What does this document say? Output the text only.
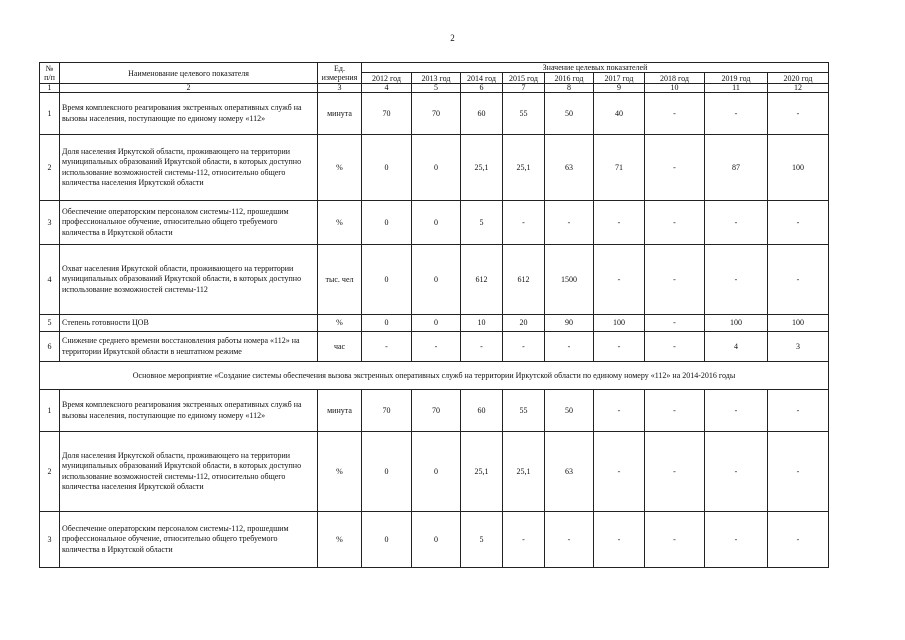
2
№ п/п	Наименование целевого показателя	Ед. измерения	Значение целевых показателей								
			2012 год	2013 год	2014 год	2015 год	2016 год	2017 год	2018 год	2019 год	2020 год
1	2	3	4	5	6	7	8	9	10	11	12
1	Время комплексного реагирования экстренных оперативных служб на вызовы населения, поступающие по единому номеру «112»	минута	70	70	60	55	50	40	-	-	-
2	Доля населения Иркутской области, проживающего на территории муниципальных образований Иркутской области, в которых доступно использование возможностей системы-112, относительно общего количества населения Иркутской области	%	0	0	25,1	25,1	63	71	-	87	100
3	Обеспечение операторским персоналом системы-112, прошедшим профессиональное обучение, относительно общего требуемого количества в Иркутской области	%	0	0	5	-	-	-	-	-	-
4	Охват населения Иркутской области, проживающего на территории муниципальных образований Иркутской области, в которых доступно использование возможностей системы-112	тыс. чел	0	0	612	612	1500	-	-	-	-
5	Степень готовности ЦОВ	%	0	0	10	20	90	100	-	100	100
6	Снижение среднего времени восстановления работы номера «112» на территории Иркутской области в нештатном режиме	час	-	-	-	-	-	-	-	4	3
Основное мероприятие «Создание системы обеспечения вызова экстренных оперативных служб на территории Иркутской области по единому номеру «112» на 2014-2016 годы											
1	Время комплексного реагирования экстренных оперативных служб на вызовы населения, поступающие по единому номеру «112»	минута	70	70	60	55	50	-	-	-	-
2	Доля населения Иркутской области, проживающего на территории муниципальных образований Иркутской области, в которых доступно использование возможностей системы-112, относительно общего количества населения Иркутской области	%	0	0	25,1	25,1	63	-	-	-	-
3	Обеспечение операторским персоналом системы-112, прошедшим профессиональное обучение, относительно общего требуемого количества в Иркутской области	%	0	0	5	-	-	-	-	-	-
